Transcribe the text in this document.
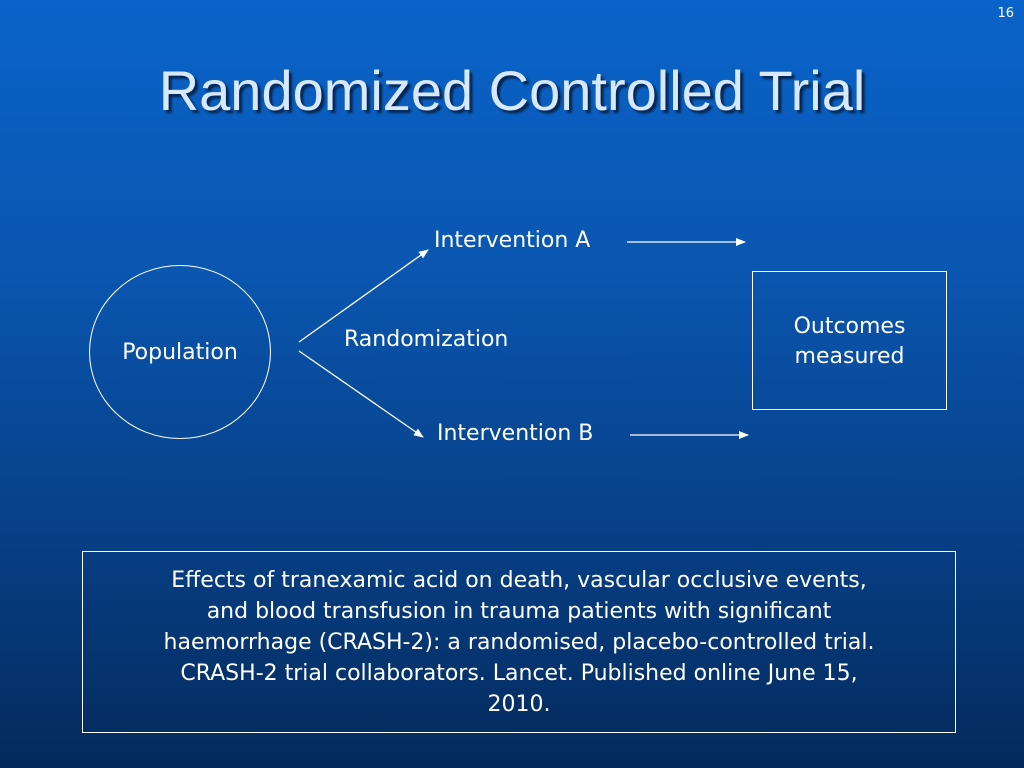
16
Randomized Controlled Trial
Population	Randomization
Intervention A
Intervention B
Outcomes measured
Effects of tranexamic acid on death, vascular occlusive events, and blood transfusion in trauma patients with significant haemorrhage (CRASH-2): a randomised, placebo-controlled trial. CRASH-2 trial collaborators. Lancet. Published online June 15, 2010.
